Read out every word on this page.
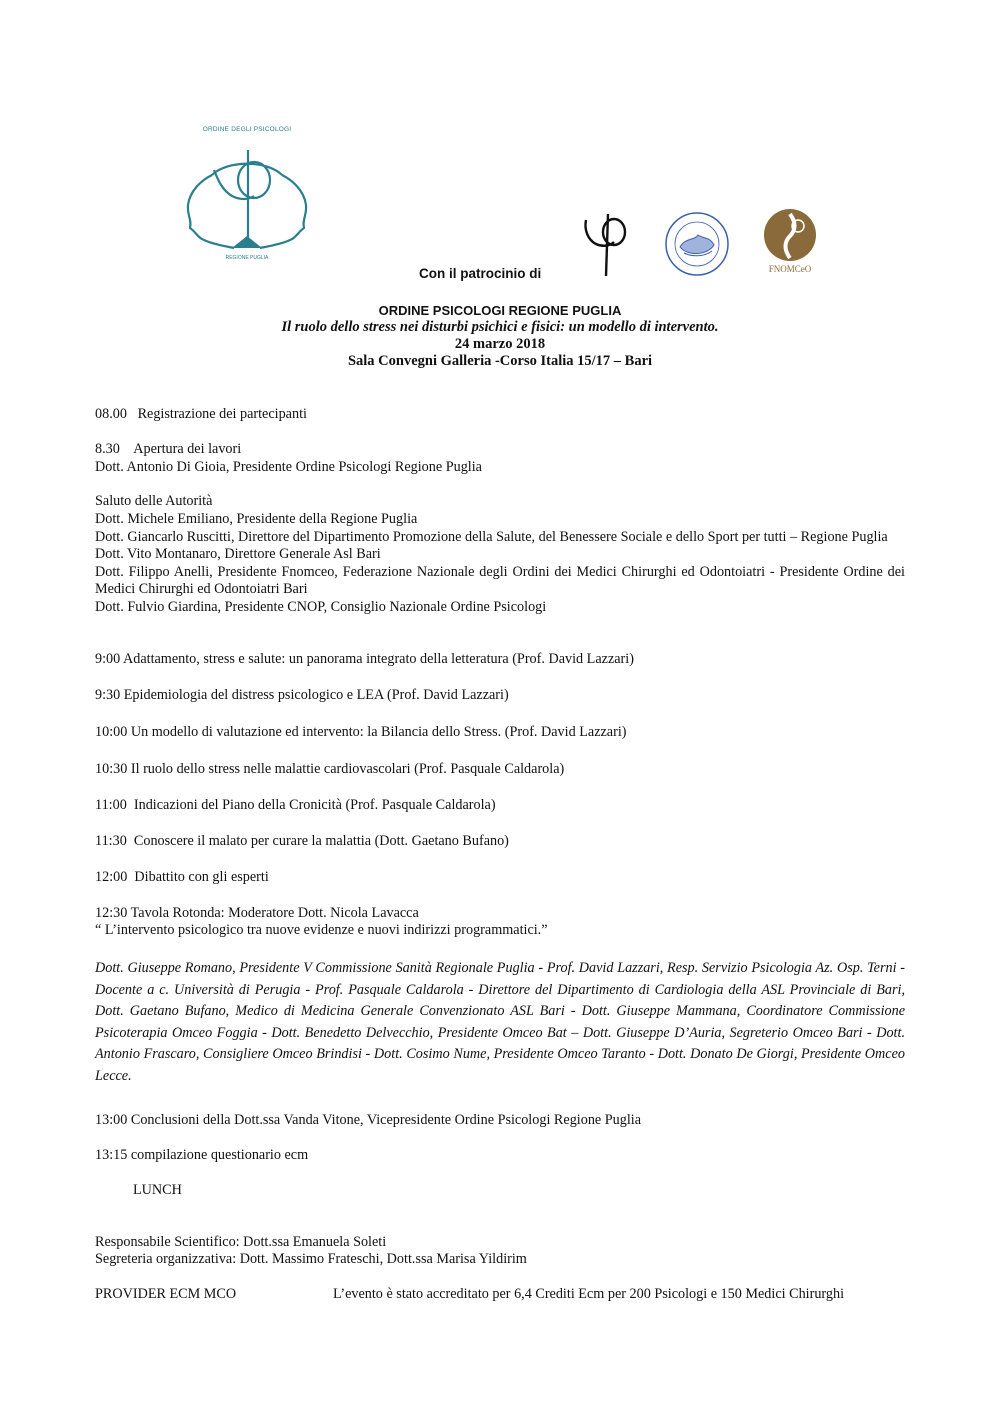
ORDINE DEGLI PSICOLOGI
REGIONE PUGLIA
Con il patrocinio di	FNOMCeO
ORDINE PSICOLOGI REGIONE PUGLIA
Il ruolo dello stress nei disturbi psichici e fisici: un modello di intervento.
24 marzo 2018
Sala Convegni Galleria -Corso Italia 15/17 – Bari
08.00   Registrazione dei partecipanti
8.30    Apertura dei lavori
Dott. Antonio Di Gioia, Presidente Ordine Psicologi Regione Puglia
Saluto delle Autorità

Dott. Michele Emiliano, Presidente della Regione Puglia

Dott. Giancarlo Ruscitti, Direttore del Dipartimento Promozione della Salute, del Benessere Sociale e dello Sport per tutti – Regione Puglia

Dott. Vito Montanaro, Direttore Generale Asl Bari

Dott. Filippo Anelli, Presidente Fnomceo, Federazione Nazionale degli Ordini dei Medici Chirurghi ed Odontoiatri - Presidente Ordine dei Medici Chirurghi ed Odontoiatri Bari

Dott. Fulvio Giardina, Presidente CNOP, Consiglio Nazionale Ordine Psicologi

9:00 Adattamento, stress e salute: un panorama integrato della letteratura (Prof. David Lazzari)
9:30 Epidemiologia del distress psicologico e LEA (Prof. David Lazzari)
10:00 Un modello di valutazione ed intervento: la Bilancia dello Stress. (Prof. David Lazzari)
10:30 Il ruolo dello stress nelle malattie cardiovascolari (Prof. Pasquale Caldarola)
11:00  Indicazioni del Piano della Cronicità (Prof. Pasquale Caldarola)
11:30  Conoscere il malato per curare la malattia (Dott. Gaetano Bufano)
12:00  Dibattito con gli esperti
12:30 Tavola Rotonda: Moderatore Dott. Nicola Lavacca
“ L’intervento psicologico tra nuove evidenze e nuovi indirizzi programmatici.”
Dott. Giuseppe Romano, Presidente V Commissione Sanità Regionale Puglia - Prof. David Lazzari, Resp. Servizio Psicologia Az. Osp. Terni - Docente a c. Università di Perugia - Prof. Pasquale Caldarola - Direttore del Dipartimento di Cardiologia della ASL Provinciale di Bari, Dott. Gaetano Bufano, Medico di Medicina Generale Convenzionato ASL Bari - Dott. Giuseppe Mammana, Coordinatore Commissione Psicoterapia Omceo Foggia - Dott. Benedetto Delvecchio, Presidente Omceo Bat – Dott. Giuseppe D’Auria, Segreterio Omceo Bari - Dott. Antonio Frascaro, Consigliere Omceo Brindisi - Dott. Cosimo Nume, Presidente Omceo Taranto - Dott. Donato De Giorgi, Presidente Omceo Lecce.
13:00 Conclusioni della Dott.ssa Vanda Vitone, Vicepresidente Ordine Psicologi Regione Puglia
13:15 compilazione questionario ecm
LUNCH
Responsabile Scientifico: Dott.ssa Emanuela Soleti
Segreteria organizzativa: Dott. Massimo Frateschi, Dott.ssa Marisa Yildirim
PROVIDER ECM MCO	L’evento è stato accreditato per 6,4 Crediti Ecm per 200 Psicologi e 150 Medici Chirurghi
